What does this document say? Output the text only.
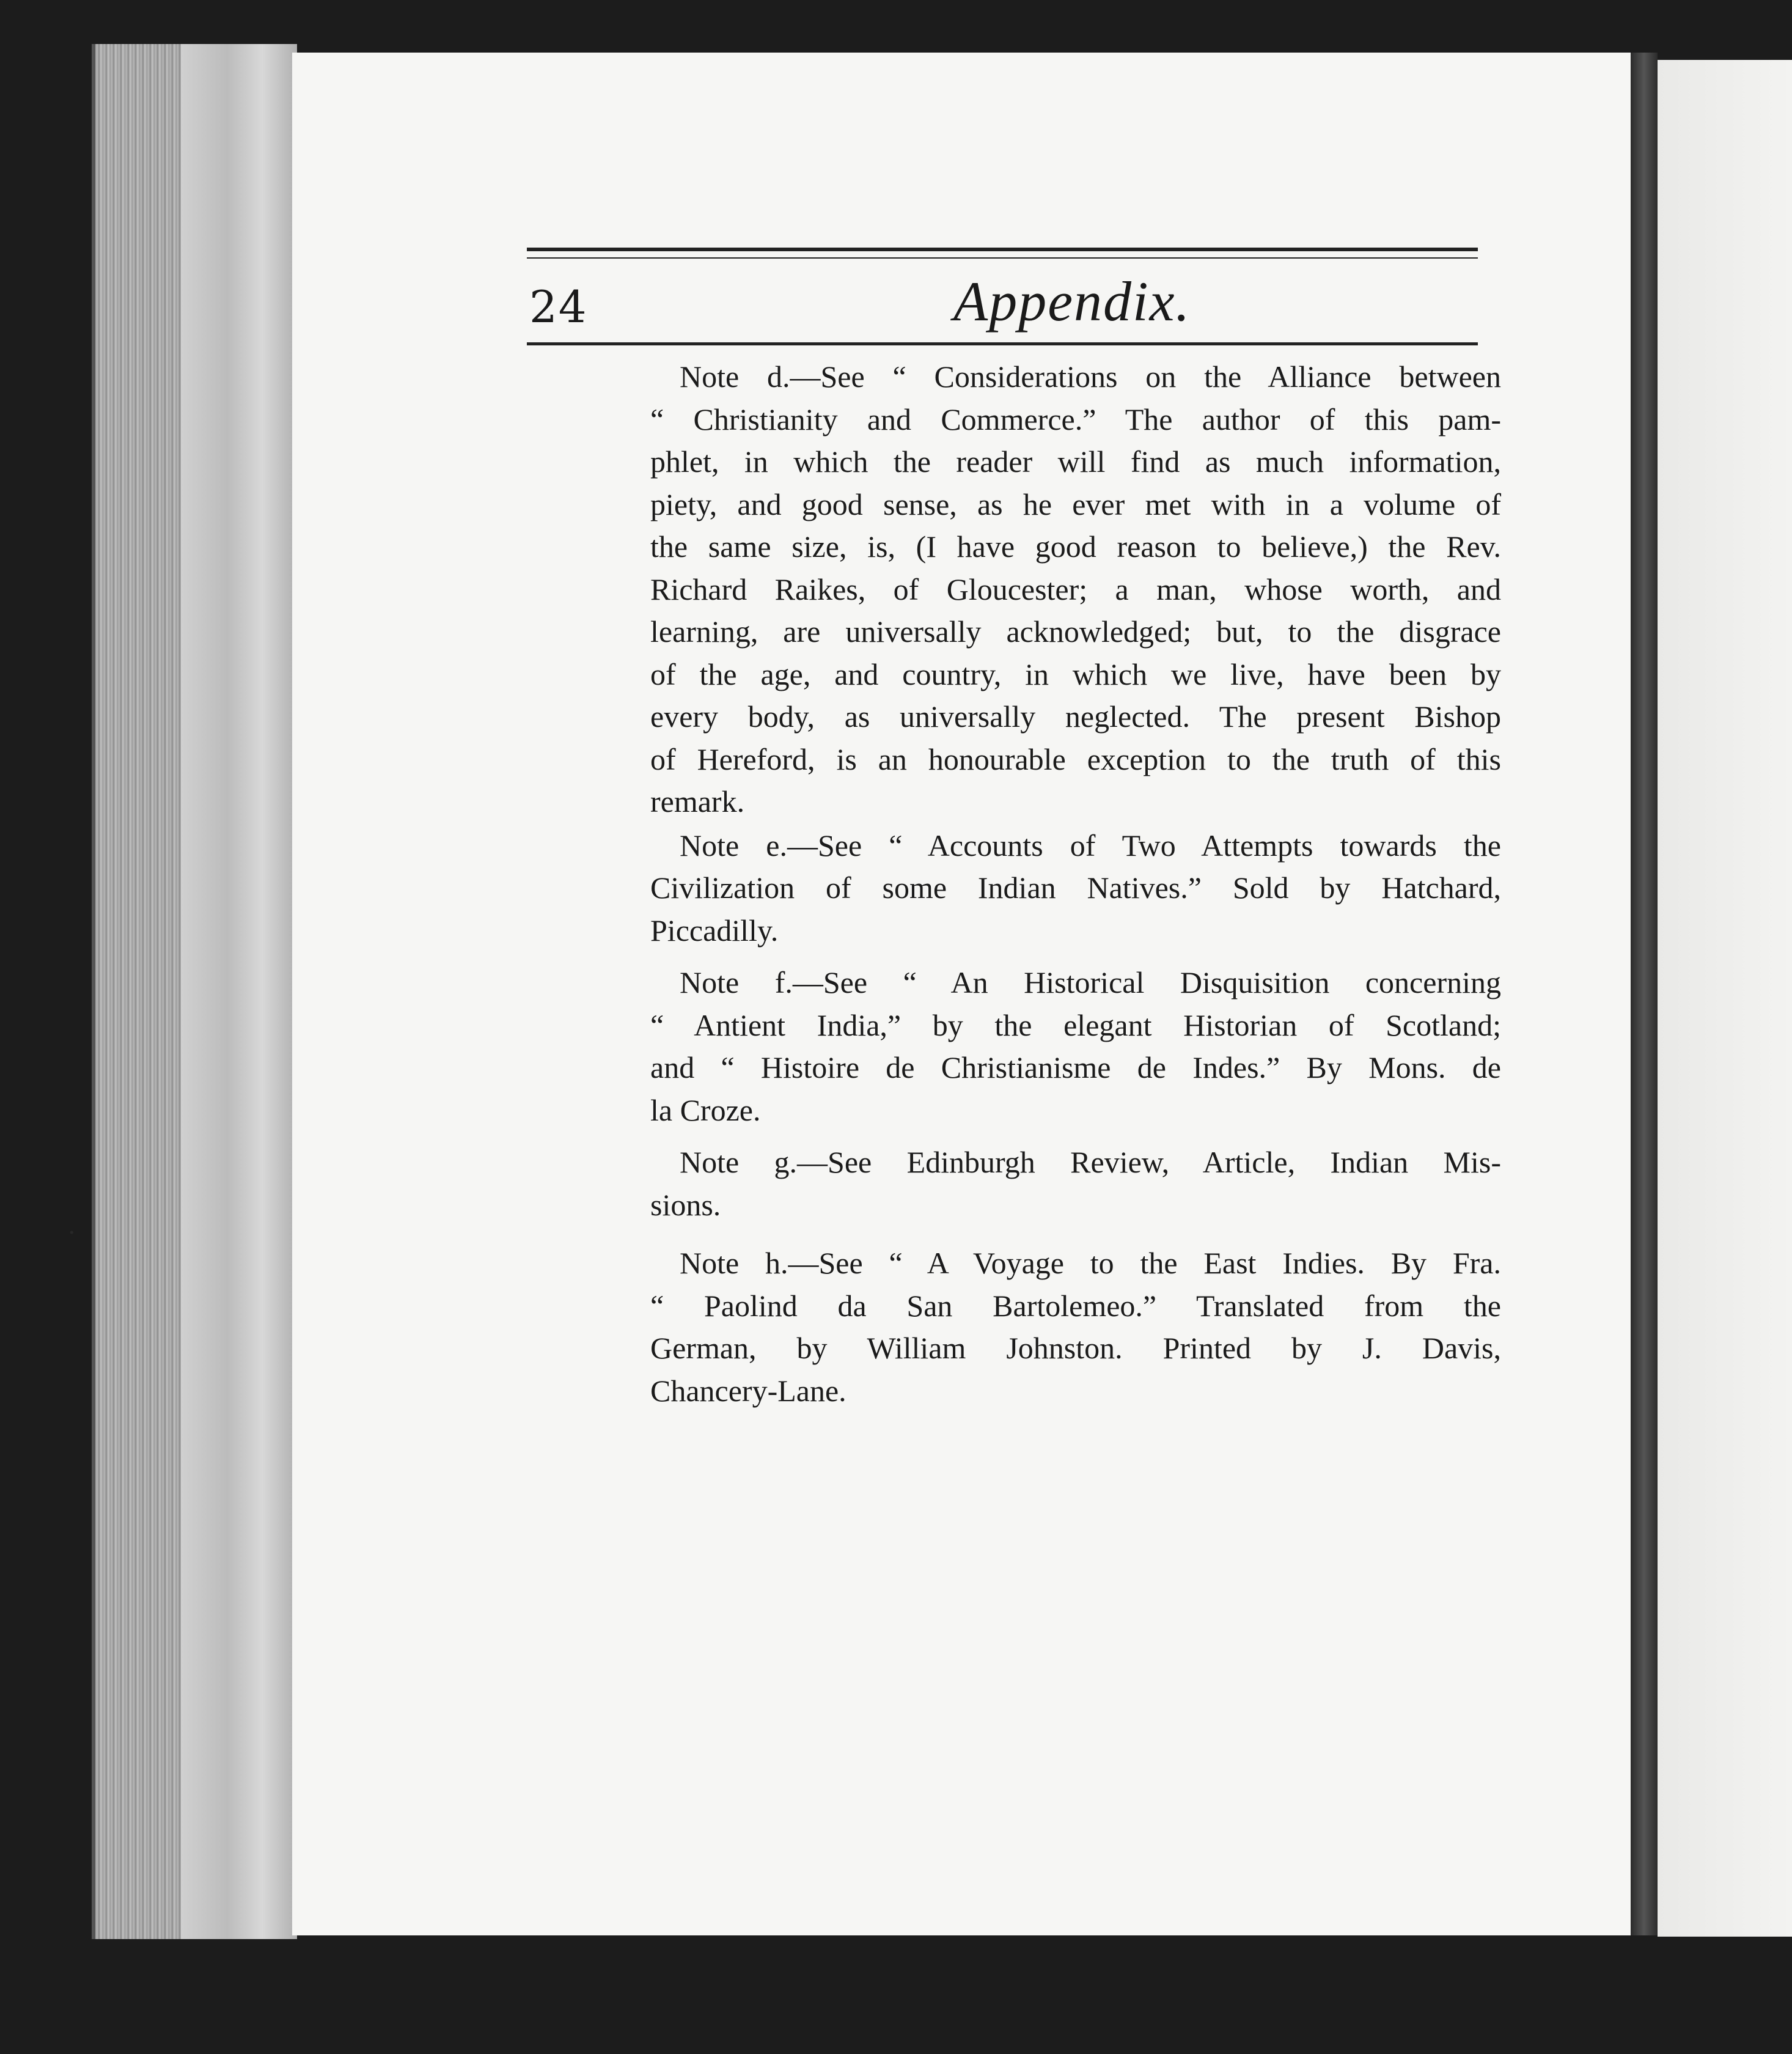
24	Appendix.

Note d.—See “ Considerations on the Alliance between
“ Christianity and Commerce.” The author of this pam-
phlet, in which the reader will find as much information,
piety, and good sense, as he ever met with in a volume of
the same size, is, (I have good reason to believe,) the Rev.
Richard Raikes, of Gloucester; a man, whose worth, and
learning, are universally acknowledged; but, to the disgrace
of the age, and country, in which we live, have been by
every body, as universally neglected. The present Bishop
of Hereford, is an honourable exception to the truth of this
remark.

Note e.—See “ Accounts of Two Attempts towards the
Civilization of some Indian Natives.” Sold by Hatchard,
Piccadilly.

Note f.—See “ An Historical Disquisition concerning
“ Antient India,” by the elegant Historian of Scotland;
and “ Histoire de Christianisme de Indes.” By Mons. de
la Croze.

Note g.—See Edinburgh Review, Article, Indian Mis-
sions.

Note h.—See “ A Voyage to the East Indies. By Fra.
“ Paolind da San Bartolemeo.” Translated from the
German, by William Johnston. Printed by J. Davis,
Chancery-Lane.
